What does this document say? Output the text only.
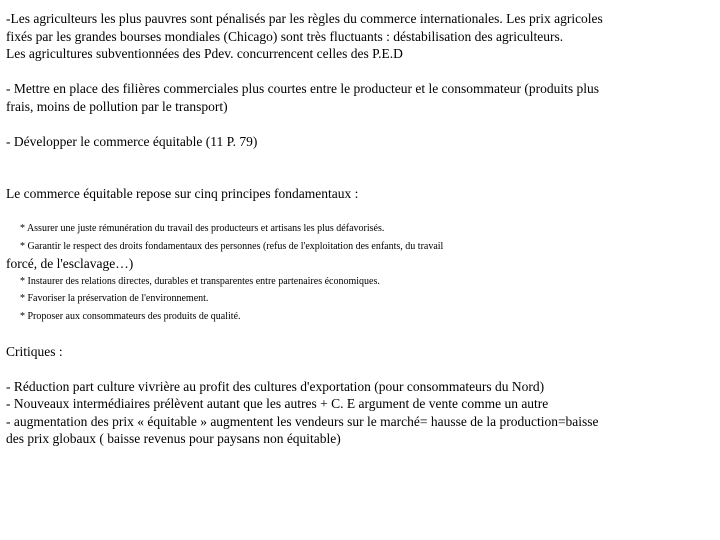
-Les agriculteurs les plus pauvres sont pénalisés par les règles du commerce internationales. Les prix agricoles
fixés par les grandes bourses mondiales (Chicago) sont très fluctuants : déstabilisation des agriculteurs.
Les agricultures subventionnées des Pdev. concurrencent celles des P.E.D
- Mettre en place des filières commerciales plus courtes entre le producteur et le consommateur (produits plus
frais, moins de pollution par le transport)
- Développer le commerce équitable (11 P. 79)
Le commerce équitable repose sur cinq principes fondamentaux :
* Assurer une juste rémunération du travail des producteurs et artisans les plus défavorisés.
* Garantir le respect des droits fondamentaux des personnes (refus de l'exploitation des enfants, du travail
forcé, de l'esclavage…)
* Instaurer des relations directes, durables et transparentes entre partenaires économiques.
* Favoriser la préservation de l'environnement.
* Proposer aux consommateurs des produits de qualité.
Critiques :
- Réduction part culture vivrière au profit des cultures d'exportation (pour consommateurs du Nord)
- Nouveaux intermédiaires prélèvent autant que les autres + C. E argument de vente comme un autre
- augmentation des prix « équitable » augmentent les vendeurs sur le marché= hausse de la production=baisse
des prix globaux ( baisse revenus pour paysans non équitable)
